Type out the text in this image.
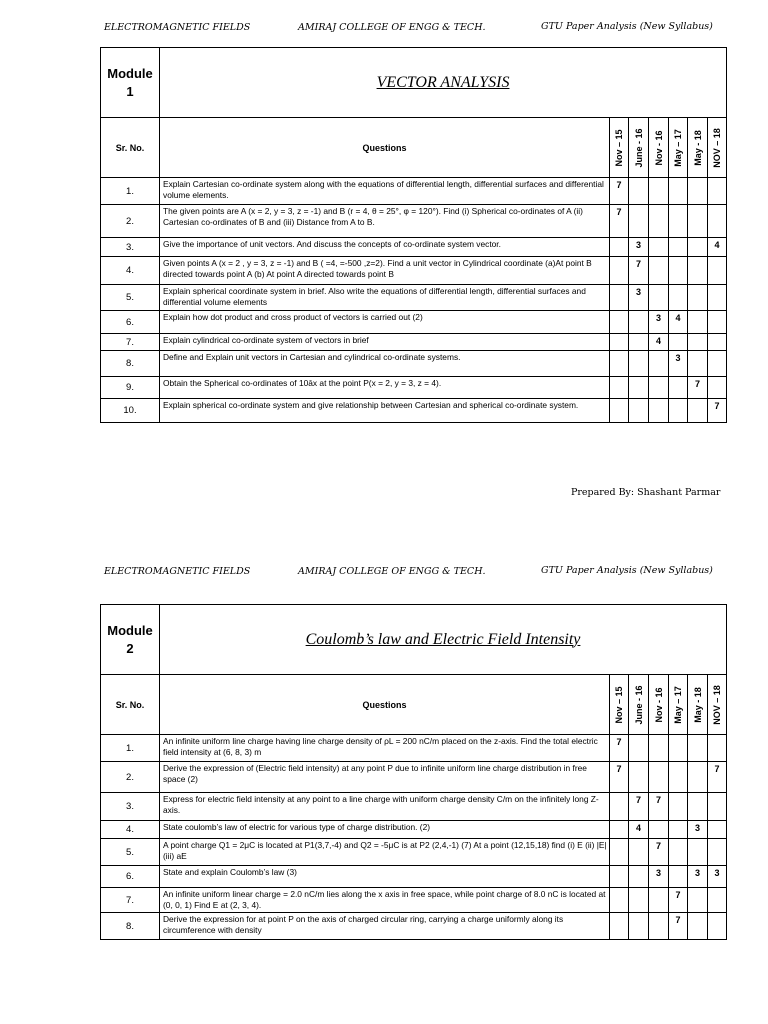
ELECTROMAGNETIC FIELDS	AMIRAJ COLLEGE OF ENGG & TECH.	GTU Paper Analysis (New Syllabus)
Module
1	VECTOR ANALYSIS						
Sr. No.	Questions	Nov – 15	June - 16	Nov - 16	May – 17	May - 18	NOV – 18

1.	Explain Cartesian co-ordinate system along with the equations of differential length, differential surfaces and differential volume elements.	7					
2.	The given points are A (x = 2, y = 3, z = -1) and B (r = 4, θ = 25°, φ = 120°). Find (i) Spherical co-ordinates of A (ii) Cartesian co-ordinates of B and (iii) Distance from A to B.	7					
3.	Give the importance of unit vectors. And discuss the concepts of co-ordinate system vector.		3				4
4.	Given points A (x = 2 , y = 3, z = -1) and B ( =4, =-500 ,z=2). Find a unit vector in Cylindrical coordinate (a)At point B directed towards point A (b) At point A directed towards point B		7				
5.	Explain spherical coordinate system in brief. Also write the equations of differential length, differential surfaces and differential volume elements		3				
6.	Explain how dot product and cross product of vectors is carried out (2)			3	4		
7.	Explain cylindrical co-ordinate system of vectors in brief			4			
8.	Define and Explain unit vectors in Cartesian and cylindrical co-ordinate systems.				3		
9.	Obtain the Spherical co-ordinates of 10āx at the point P(x = 2, y = 3, z = 4).					7	
10.	Explain spherical co-ordinate system and give relationship between Cartesian and spherical co-ordinate system.						7
Prepared By: Shashant Parmar
ELECTROMAGNETIC FIELDS	AMIRAJ COLLEGE OF ENGG & TECH.	GTU Paper Analysis (New Syllabus)
Module
2	Coulomb’s law and Electric Field Intensity						
Sr. No.	Questions	Nov – 15	June - 16	Nov - 16	May – 17	May - 18	NOV – 18

1.	An infinite uniform line charge having line charge density of ρL = 200 nC/m placed on the z-axis. Find the total electric field intensity at (6, 8, 3) m	7					
2.	Derive the expression of (Electric field intensity) at any point P due to infinite uniform line charge distribution in free space (2)	7					7
3.	Express for electric field intensity at any point to a line charge with uniform charge density C/m on the infinitely long Z-axis.		7	7			
4.	State coulomb’s law of electric for various type of charge distribution. (2)		4			3	
5.	A point charge Q1 = 2μC is located at P1(3,7,-4) and Q2 = -5μC is at P2 (2,4,-1) (7) At a point (12,15,18) find (i) E (ii) |E| (iii) aE			7			
6.	State and explain Coulomb’s law (3)			3		3	3
7.	An infinite uniform linear charge = 2.0 nC/m lies along the x axis in free space, while point charge of 8.0 nC is located at (0, 0, 1) Find E at (2, 3, 4).				7		
8.	Derive the expression for at point P on the axis of charged circular ring, carrying a charge uniformly along its circumference with density				7		
